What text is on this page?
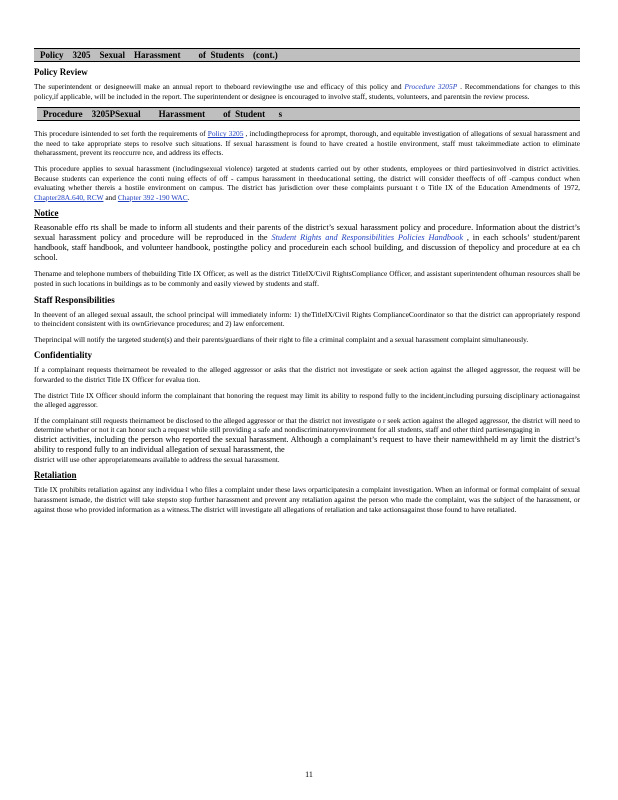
Policy    3205    Sexual    Harassment        of  Students    (cont.)
Policy Review
The superintendent or designeewill make an annual report to theboard reviewingthe use and efficacy of this policy and Procedure 3205P . Recommendations for changes to this policy,if applicable, will be included in the report. The superintendent or designee is encouraged to involve staff, students, volunteers, and parentsin the review process.
Procedure    3205PSexual        Harassment        of  Student      s
This procedure isintended to set forth the requirements of Policy 3205 , includingtheprocess for aprompt, thorough, and equitable investigation of allegations of sexual harassment and the need to take appropriate steps to resolve such situations. If sexual harassment is found to have created a hostile environment, staff must takeimmediate action to eliminate theharassment, prevent its reoccurre nce, and address its effects.
This procedure applies to sexual harassment (includingsexual violence) targeted at students carried out by other students, employees or third partiesinvolved in district activities. Because students can experience the conti nuing effects of off - campus harassment in theeducational setting, the district will consider theeffects of off -campus conduct when evaluating whether thereis a hostile environment on campus. The district has jurisdiction over these complaints pursuant t o Title IX of the Education Amendments of 1972, Chapter28A.640, RCW and Chapter 392 -190 WAC.
Notice
Reasonable effo rts shall be made to inform all students and their parents of the district’s sexual harassment policy and procedure. Information about the district’s sexual harassment policy and procedure will be reproduced in the Student Rights and Responsibilities Policies Handbook , in each schools’ student/parent handbook, staff handbook, and volunteer handbook, postingthe policy and procedurein each school building, and discussion of thepolicy and procedure at ea ch school.
Thename and telephone numbers of thebuilding Title IX Officer, as well as the district TitleIX/Civil RightsCompliance Officer, and assistant superintendent ofhuman resources shall be posted in such locations in buildings as to be commonly and easily viewed by students and staff.
Staff Responsibilities
In theevent of an alleged sexual assault, the school principal will immediately inform: 1) theTitleIX/Civil Rights ComplianceCoordinator so that the district can appropriately respond to theincident consistent with its ownGrievance procedures; and 2) law enforcement.
Theprincipal will notify the targeted student(s) and their parents/guardians of their right to file a criminal complaint and a sexual harassment complaint simultaneously.
Confidentiality
If a complainant requests theirnameot be revealed to the alleged aggressor or asks that the district not investigate or seek action against the alleged aggressor, the request will be forwarded to the district Title IX Officer for evalua tion.
The district Title IX Officer should inform the complainant that honoring the request may limit its ability to respond fully to the incident,including pursuing disciplinary actionagainst the alleged aggressor.
If the complainant still requests theirnameot be disclosed to the alleged aggressor or that the district not investigate o r seek action against the alleged aggressor, the district will need to determine whether or not it can honor such a request while still providing a safe and nondiscriminatoryenvironment for all students, staff and other third partiesengaging in
district activities, including the person who reported the sexual harassment. Although a complainant’s request to have their namewithheld m ay limit the district’s ability to respond fully to an individual allegation of sexual harassment, the
district will use other appropriatemeans available to address the sexual harassment.
Retaliation
Title IX prohibits retaliation against any individua l who files a complaint under these laws orparticipatesin a complaint investigation. When an informal or formal complaint of sexual harassment ismade, the district will take stepsto stop further harassment and prevent any retaliation against the person who made the complaint, was the subject of the harassment, or against those who provided information as a witness.The district will investigate all allegations of retaliation and take actionsagainst those found to have retaliated.
11
